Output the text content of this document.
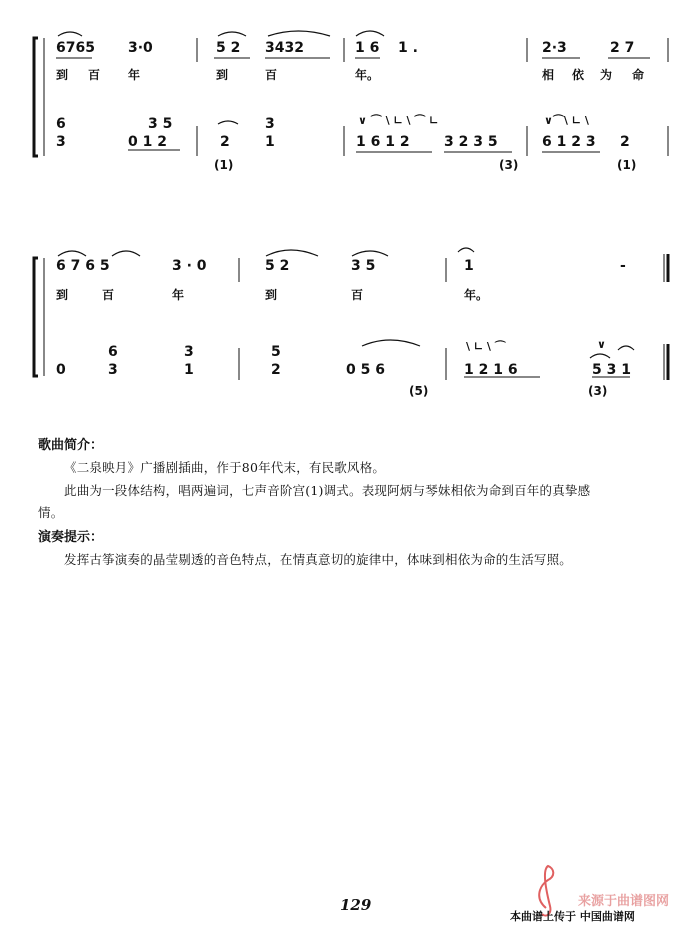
6765 3·0	5 2 3432	1 6 1 .	2·3	2 7
到 百 年	到	百	年。	相 依 为 命
6	3 5	3
3	0 1 2	2	1	1 6 1 2 3 2 3 5	6 1 2 3 2
(1)	(3)	(1)
∨ ⌒ \ ∟ \ ⌒ ∟	∨⌒\ ∟ \
6 7 6 5	3 · 0	5 2	3 5	1	-
到	百	年	到	百	年。
6	3	5
0	3	1	2	0 5 6	1 2 1 6	5 3 1
(5)	(3)
\ ∟ \ ⌒	∨
歌曲简介：
《二泉映月》广播剧插曲，作于80年代末，有民歌风格。
此曲为一段体结构，唱两遍词，七声音阶宫(1)调式。表现阿炳与琴妹相依为命到百年的真挚感
情。
演奏提示：
发挥古筝演奏的晶莹剔透的音色特点，在情真意切的旋律中，体味到相依为命的生活写照。
129	来源于曲谱图网
本曲谱上传于 中国曲谱网
